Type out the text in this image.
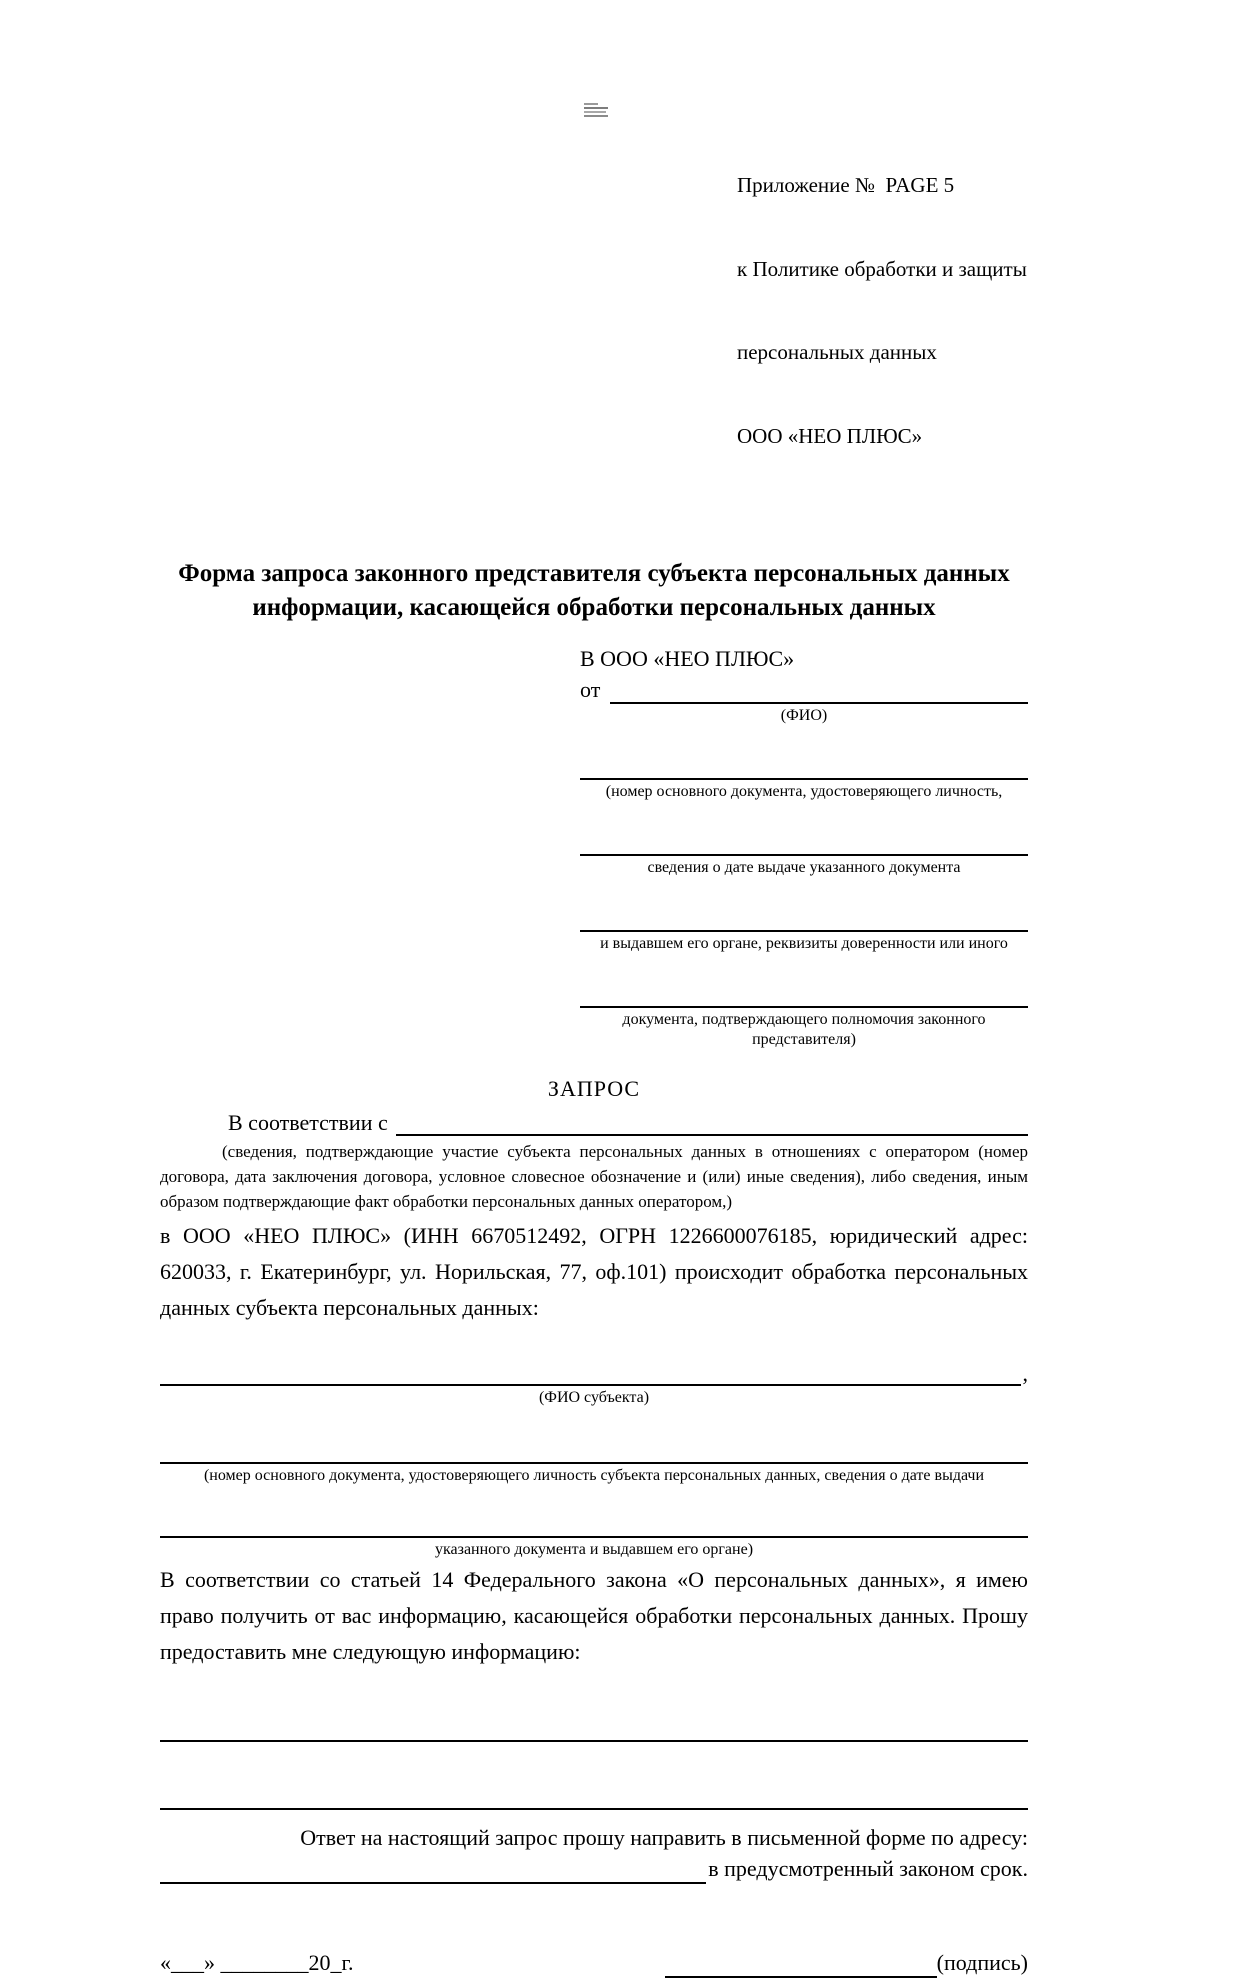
Приложение №  PAGE 5

к Политике обработки и защиты

персональных данных

ООО «НЕО ПЛЮС»

Форма запроса законного представителя субъекта персональных данных
информации, касающейся обработки персональных данных
В ООО «НЕО ПЛЮС»
от
(ФИО)
(номер основного документа, удостоверяющего личность,
сведения о дате выдаче указанного документа
и выдавшем его органе, реквизиты доверенности или иного
документа, подтверждающего полномочия законного представителя)
ЗАПРОС
В соответствии с
(сведения, подтверждающие участие субъекта персональных данных в отношениях с оператором (номер договора, дата заключения договора, условное словесное обозначение и (или) иные сведения), либо сведения, иным образом подтверждающие факт обработки персональных данных оператором,)
в ООО «НЕО ПЛЮС» (ИНН 6670512492, ОГРН 1226600076185, юридический адрес: 620033, г. Екатеринбург, ул. Норильская, 77, оф.101) происходит обработка персональных данных субъекта персональных данных:
,
(ФИО субъекта)
(номер основного документа, удостоверяющего личность субъекта персональных данных, сведения о дате выдачи
указанного документа и выдавшем его органе)
В соответствии со статьей 14 Федерального закона «О персональных данных», я имею право получить от вас информацию, касающейся обработки персональных данных. Прошу предоставить мне следующую информацию:
Ответ на настоящий запрос прошу направить в письменной форме по адресу:
в предусмотренный законом срок.
«___» ________20_г.	(подпись)
